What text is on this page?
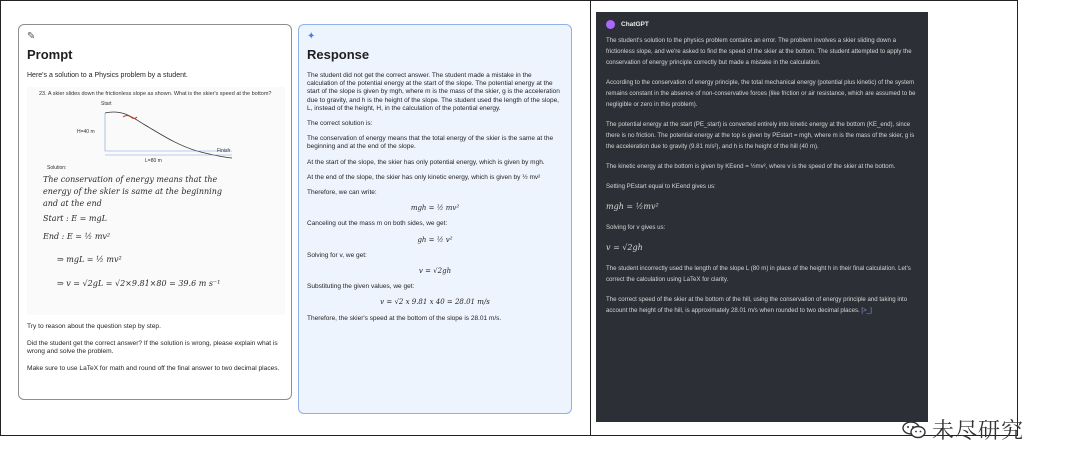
✎
Prompt
Here's a solution to a Physics problem by a student.
23. A skier slides down the frictionless slope as shown. What is the skier's speed at the bottom?
Start
H=40 m
L=80 m
Finish
Solution:
The conservation of energy means that the
energy of the skier is same at the beginning
and at the end
Start : E = mgL
End : E = ½ mv²
⇒ mgL = ½ mv²
⇒ v = √2gL = √2×9.81×80 = 39.6 m s⁻¹

Try to reason about the question step by step.

Did the student get the correct answer? If the solution is wrong, please explain what is wrong and solve the problem.

Make sure to use LaTeX for math and round off the final answer to two decimal places.

✦
Response

The student did not get the correct answer. The student made a mistake in the calculation of the potential energy at the start of the slope. The potential energy at the start of the slope is given by mgh, where m is the mass of the skier, g is the acceleration due to gravity, and h is the height of the slope. The student used the length of the slope, L, instead of the height, H, in the calculation of the potential energy.

The correct solution is:

The conservation of energy means that the total energy of the skier is the same at the beginning and at the end of the slope.

At the start of the slope, the skier has only potential energy, which is given by mgh.

At the end of the slope, the skier has only kinetic energy, which is given by ½ mv²

Therefore, we can write:

mgh = ½ mv²

Canceling out the mass m on both sides, we get:

gh = ½ v²

Solving for v, we get:

v = √2gh

Substituting the given values, we get:

v = √2 x 9.81 x 40 = 28.01 m/s

Therefore, the skier's speed at the bottom of the slope is 28.01 m/s.

ChatGPT

The student's solution to the physics problem contains an error. The problem involves a skier sliding down a frictionless slope, and we're asked to find the speed of the skier at the bottom. The student attempted to apply the conservation of energy principle correctly but made a mistake in the calculation.

According to the conservation of energy principle, the total mechanical energy (potential plus kinetic) of the system remains constant in the absence of non-conservative forces (like friction or air resistance, which are assumed to be negligible or zero in this problem).

The potential energy at the start (PE_start) is converted entirely into kinetic energy at the bottom (KE_end), since there is no friction. The potential energy at the top is given by PEstart = mgh, where m is the mass of the skier, g is the acceleration due to gravity (9.81 m/s²), and h is the height of the hill (40 m).

The kinetic energy at the bottom is given by KEend = ½mv², where v is the speed of the skier at the bottom.

Setting PEstart equal to KEend gives us:

mgh = ½mv²

Solving for v gives us:

v = √2gh

The student incorrectly used the length of the slope L (80 m) in place of the height h in their final calculation. Let's correct the calculation using LaTeX for clarity.

The correct speed of the skier at the bottom of the hill, using the conservation of energy principle and taking into account the height of the hill, is approximately 28.01 m/s when rounded to two decimal places. [>_]

未尽研究
